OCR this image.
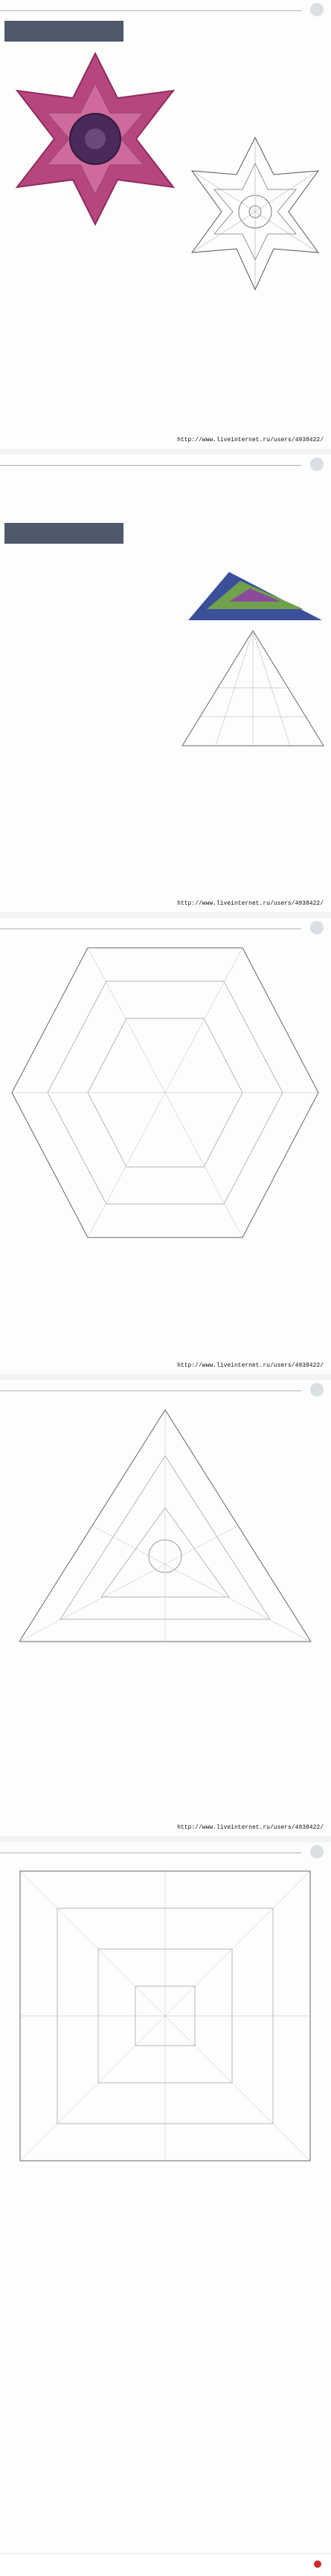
http://www.liveinternet.ru/users/4938422/
http://www.liveinternet.ru/users/4938422/
http://www.liveinternet.ru/users/4938422/
http://www.liveinternet.ru/users/4938422/
